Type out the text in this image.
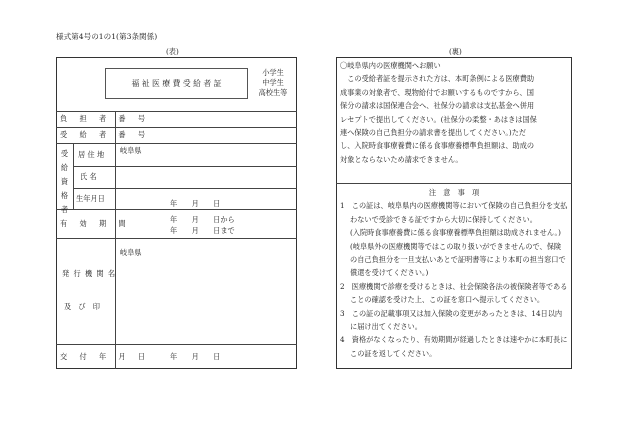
様式第4号の1の1(第3条関係)
(表)
福 祉 医 療 費 受 給 者 証
小学生
中学生
高校生等
負 担 者 番 号
受 給 者 番 号
受 給 資 格 者
居 住 地 岐阜県
氏 名
生年月日
年　　月　　日
有 効 期 間	年　　月　　日から
年　　月　　日まで
岐阜県
発 行 機 関 名
及　び　印
交 付 年 月 日	年　　月　　日
(裏)

〇岐阜県内の医療機関へお願い

　この受給者証を提示された方は、本町条例による医療費助

成事業の対象者で、現物給付でお願いするものですから、国

保分の請求は国保連合会へ、社保分の請求は支払基金へ併用

レセプトで提出してください。(社保分の柔整・あはきは国保

連へ保険の自己負担分の請求書を提出してください。)ただ

し、入院時食事療養費に係る食事療養標準負担額は、助成の

対象とならないため請求できません。

注　意　事　項

1　この証は、岐阜県内の医療機関等において保険の自己負担分を支払わないで受診できる証ですから大切に保持してください。

(入院時食事療養費に係る食事療養標準負担額は助成されません。)

(岐阜県外の医療機関等ではこの取り扱いができませんので、保険の自己負担分を一旦支払いあとで証明書等により本町の担当窓口で償還を受けてください。)

2　医療機関で診療を受けるときは、社会保険各法の被保険者等であることの確認を受けた上、この証を窓口へ提示してください。

3　この証の記載事項又は加入保険の変更があったときは、14日以内に届け出てください。

4　資格がなくなったり、有効期間が経過したときは速やかに本町長にこの証を返してください。
